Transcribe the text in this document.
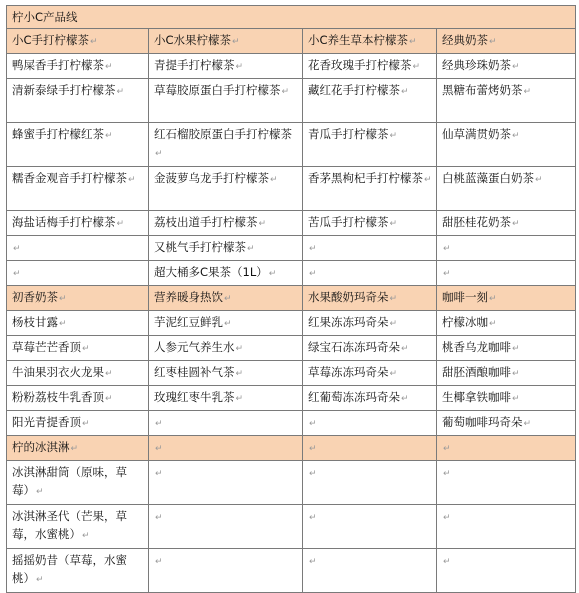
柠小C产品线			
小C手打柠檬茶↵	小C水果柠檬茶↵	小C养生草本柠檬茶↵	经典奶茶↵
鸭屎香手打柠檬茶↵	青提手打柠檬茶↵	花香玫瑰手打柠檬茶↵	经典珍珠奶茶↵
清新泰绿手打柠檬茶↵	草莓胶原蛋白手打柠檬茶↵	藏红花手打柠檬茶↵	黑糖布蕾烤奶茶↵
蜂蜜手打柠檬红茶↵	红石榴胶原蛋白手打柠檬茶↵	青瓜手打柠檬茶↵	仙草满贯奶茶↵
糯香金观音手打柠檬茶↵	金菠萝乌龙手打柠檬茶↵	香茅黑枸杞手打柠檬茶↵	白桃蓝藻蛋白奶茶↵
海盐话梅手打柠檬茶↵	荔枝出道手打柠檬茶↵	苦瓜手打柠檬茶↵	甜胚桂花奶茶↵
↵	又桃气手打柠檬茶↵	↵	↵
↵	超大桶多C果茶（1L）↵	↵	↵
初香奶茶↵	营养暖身热饮↵	水果酸奶玛奇朵↵	咖啡一刻↵
杨枝甘露↵	芋泥红豆鲜乳↵	红果冻冻玛奇朵↵	柠檬冰咖↵
草莓芒芒香顶↵	人参元气养生水↵	绿宝石冻冻玛奇朵↵	桃香乌龙咖啡↵
牛油果羽衣火龙果↵	红枣桂圆补气茶↵	草莓冻冻玛奇朵↵	甜胚酒酿咖啡↵
粉粉荔枝牛乳香顶↵	玫瑰红枣牛乳茶↵	红葡萄冻冻玛奇朵↵	生椰拿铁咖啡↵
阳光青提香顶↵	↵	↵	葡萄咖啡玛奇朵↵
柠的冰淇淋↵	↵	↵	↵
冰淇淋甜筒（原味，草莓）↵	↵	↵	↵
冰淇淋圣代（芒果，草莓，水蜜桃）↵	↵	↵	↵
摇摇奶昔（草莓，水蜜桃）↵	↵	↵	↵
